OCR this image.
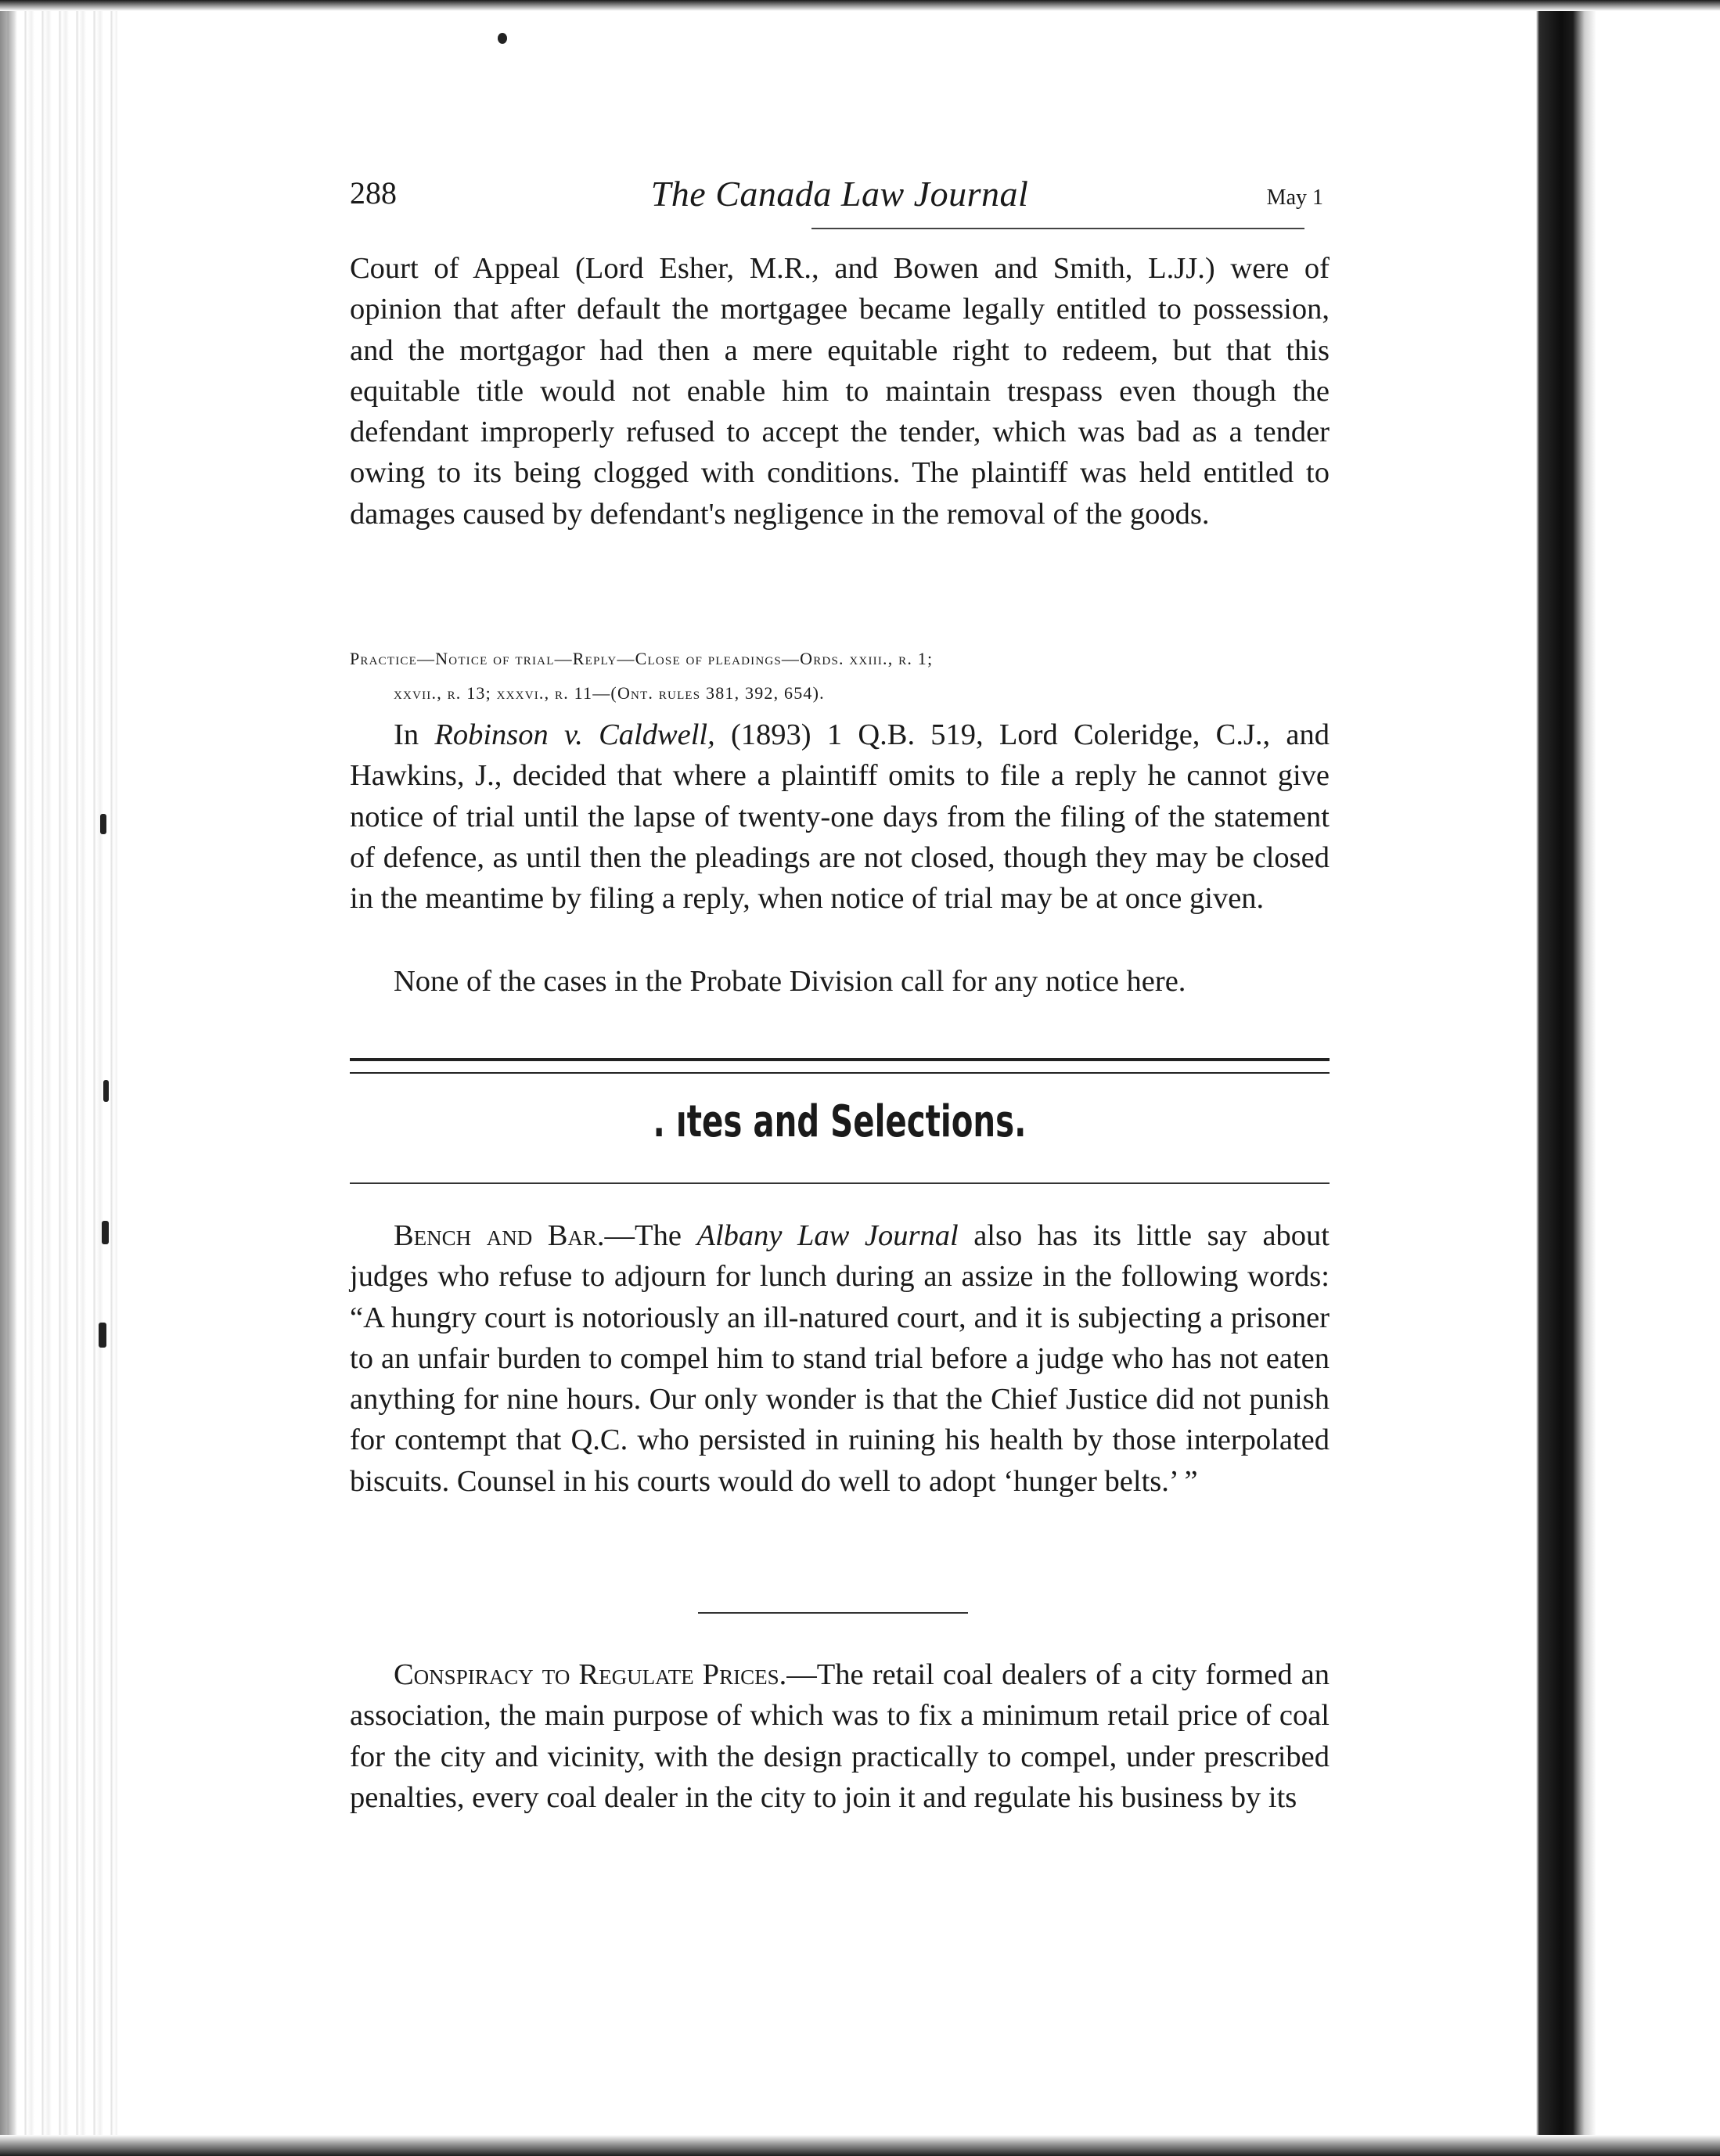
288	The Canada Law Journal	May 1

Court of Appeal (Lord Esher, M.R., and Bowen and Smith, L.JJ.) were of opinion that after default the mortgagee became legally entitled to possession, and the mortgagor had then a mere equitable right to redeem, but that this equitable title would not enable him to maintain trespass even though the defendant improperly refused to accept the tender, which was bad as a tender owing to its being clogged with conditions. The plaintiff was held entitled to damages caused by defendant's negligence in the removal of the goods.

Practice—Notice of trial—Reply—Close of pleadings—Ords. xxiii., r. 1;
xxvii., r. 13; xxxvi., r. 11—(Ont. rules 381, 392, 654).

In Robinson v. Caldwell, (1893) 1 Q.B. 519, Lord Coleridge, C.J., and Hawkins, J., decided that where a plaintiff omits to file a reply he cannot give notice of trial until the lapse of twenty-one days from the filing of the statement of defence, as until then the pleadings are not closed, though they may be closed in the meantime by filing a reply, when notice of trial may be at once given.

None of the cases in the Probate Division call for any notice here.

. ıtes and Selections.

Bench and Bar.—The Albany Law Journal also has its little say about judges who refuse to adjourn for lunch during an assize in the following words: “A hungry court is notoriously an ill-natured court, and it is subjecting a prisoner to an unfair burden to compel him to stand trial before a judge who has not eaten anything for nine hours. Our only wonder is that the Chief Justice did not punish for contempt that Q.C. who persisted in ruining his health by those interpolated biscuits. Counsel in his courts would do well to adopt ‘hunger belts.’ ”

Conspiracy to Regulate Prices.—The retail coal dealers of a city formed an association, the main purpose of which was to fix a minimum retail price of coal for the city and vicinity, with the design practically to compel, under prescribed penalties, every coal dealer in the city to join it and regulate his business by its
